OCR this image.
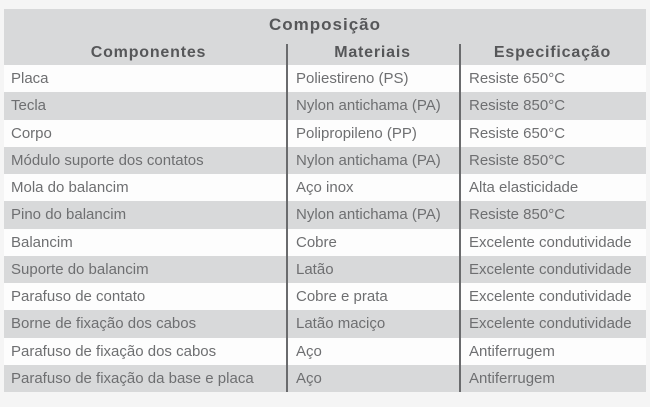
Composição
Componentes	Materiais	Especificação
Placa	Poliestireno (PS)	Resiste 650°C
Tecla	Nylon antichama (PA)	Resiste 850°C
Corpo	Polipropileno (PP)	Resiste 650°C
Módulo suporte dos contatos	Nylon antichama (PA)	Resiste 850°C
Mola do balancim	Aço inox	Alta elasticidade
Pino do balancim	Nylon antichama (PA)	Resiste 850°C
Balancim	Cobre	Excelente condutividade
Suporte do balancim	Latão	Excelente condutividade
Parafuso de contato	Cobre e prata	Excelente condutividade
Borne de fixação dos cabos	Latão maciço	Excelente condutividade
Parafuso de fixação dos cabos	Aço	Antiferrugem
Parafuso de fixação da base e placa	Aço	Antiferrugem
